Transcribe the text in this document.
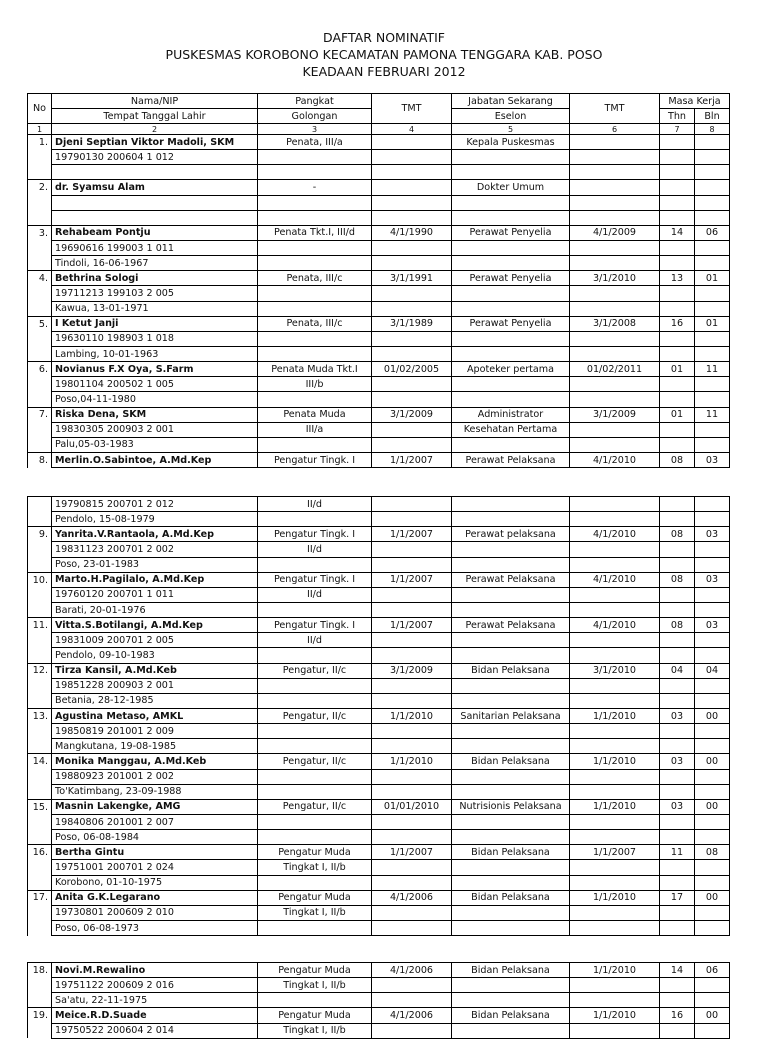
DAFTAR NOMINATIF
PUSKESMAS KOROBONO KECAMATAN PAMONA TENGGARA KAB. POSO
KEADAAN FEBRUARI 2012
No	Nama/NIP	Pangkat	TMT	Jabatan Sekarang	TMT	Masa Kerja	
	Tempat Tanggal Lahir	Golongan		Eselon		Thn	Bln
1	2	3	4	5	6	7	8
1.	Djeni Septian Viktor Madoli, SKM	Penata, III/a		Kepala Puskesmas			
	19790130 200604 1 012						

2.	dr. Syamsu Alam	-		Dokter Umum			

3.	Rehabeam Pontju	Penata Tkt.I, III/d	4/1/1990	Perawat Penyelia	4/1/2009	14	06
	19690616 199003 1 011						
	Tindoli, 16-06-1967						
4.	Bethrina Sologi	Penata, III/c	3/1/1991	Perawat Penyelia	3/1/2010	13	01
	19711213 199103 2 005						
	Kawua, 13-01-1971						
5.	I Ketut Janji	Penata, III/c	3/1/1989	Perawat Penyelia	3/1/2008	16	01
	19630110 198903 1 018						
	Lambing, 10-01-1963						
6.	Novianus F.X Oya, S.Farm	Penata Muda Tkt.I	01/02/2005	Apoteker pertama	01/02/2011	01	11
	19801104 200502 1 005	III/b					
	Poso,04-11-1980						
7.	Riska Dena, SKM	Penata Muda	3/1/2009	Administrator	3/1/2009	01	11
	19830305 200903 2 001	III/a		Kesehatan Pertama			
	Palu,05-03-1983						
8.	Merlin.O.Sabintoe, A.Md.Kep	Pengatur Tingk. I	1/1/2007	Perawat Pelaksana	4/1/2010	08	03
	19790815 200701 2 012	II/d					
	Pendolo, 15-08-1979						
9.	Yanrita.V.Rantaola, A.Md.Kep	Pengatur Tingk. I	1/1/2007	Perawat pelaksana	4/1/2010	08	03
	19831123 200701 2 002	II/d					
	Poso, 23-01-1983						
10.	Marto.H.Pagilalo, A.Md.Kep	Pengatur Tingk. I	1/1/2007	Perawat Pelaksana	4/1/2010	08	03
	19760120 200701 1 011	II/d					
	Barati, 20-01-1976						
11.	Vitta.S.Botilangi, A.Md.Kep	Pengatur Tingk. I	1/1/2007	Perawat Pelaksana	4/1/2010	08	03
	19831009 200701 2 005	II/d					
	Pendolo, 09-10-1983						
12.	Tirza Kansil, A.Md.Keb	Pengatur, II/c	3/1/2009	Bidan Pelaksana	3/1/2010	04	04
	19851228 200903 2 001						
	Betania, 28-12-1985						
13.	Agustina Metaso, AMKL	Pengatur, II/c	1/1/2010	Sanitarian Pelaksana	1/1/2010	03	00
	19850819 201001 2 009						
	Mangkutana, 19-08-1985						
14.	Monika Manggau, A.Md.Keb	Pengatur, II/c	1/1/2010	Bidan Pelaksana	1/1/2010	03	00
	19880923 201001 2 002						
	To'Katimbang, 23-09-1988						
15.	Masnin Lakengke, AMG	Pengatur, II/c	01/01/2010	Nutrisionis Pelaksana	1/1/2010	03	00
	19840806 201001 2 007						
	Poso, 06-08-1984						
16.	Bertha Gintu	Pengatur Muda	1/1/2007	Bidan Pelaksana	1/1/2007	11	08
	19751001 200701 2 024	Tingkat I, II/b					
	Korobono, 01-10-1975						
17.	Anita G.K.Legarano	Pengatur Muda	4/1/2006	Bidan Pelaksana	1/1/2010	17	00
	19730801 200609 2 010	Tingkat I, II/b					
	Poso, 06-08-1973						
18.	Novi.M.Rewalino	Pengatur Muda	4/1/2006	Bidan Pelaksana	1/1/2010	14	06
	19751122 200609 2 016	Tingkat I, II/b					
	Sa'atu, 22-11-1975						
19.	Meice.R.D.Suade	Pengatur Muda	4/1/2006	Bidan Pelaksana	1/1/2010	16	00
	19750522 200604 2 014	Tingkat I, II/b					
